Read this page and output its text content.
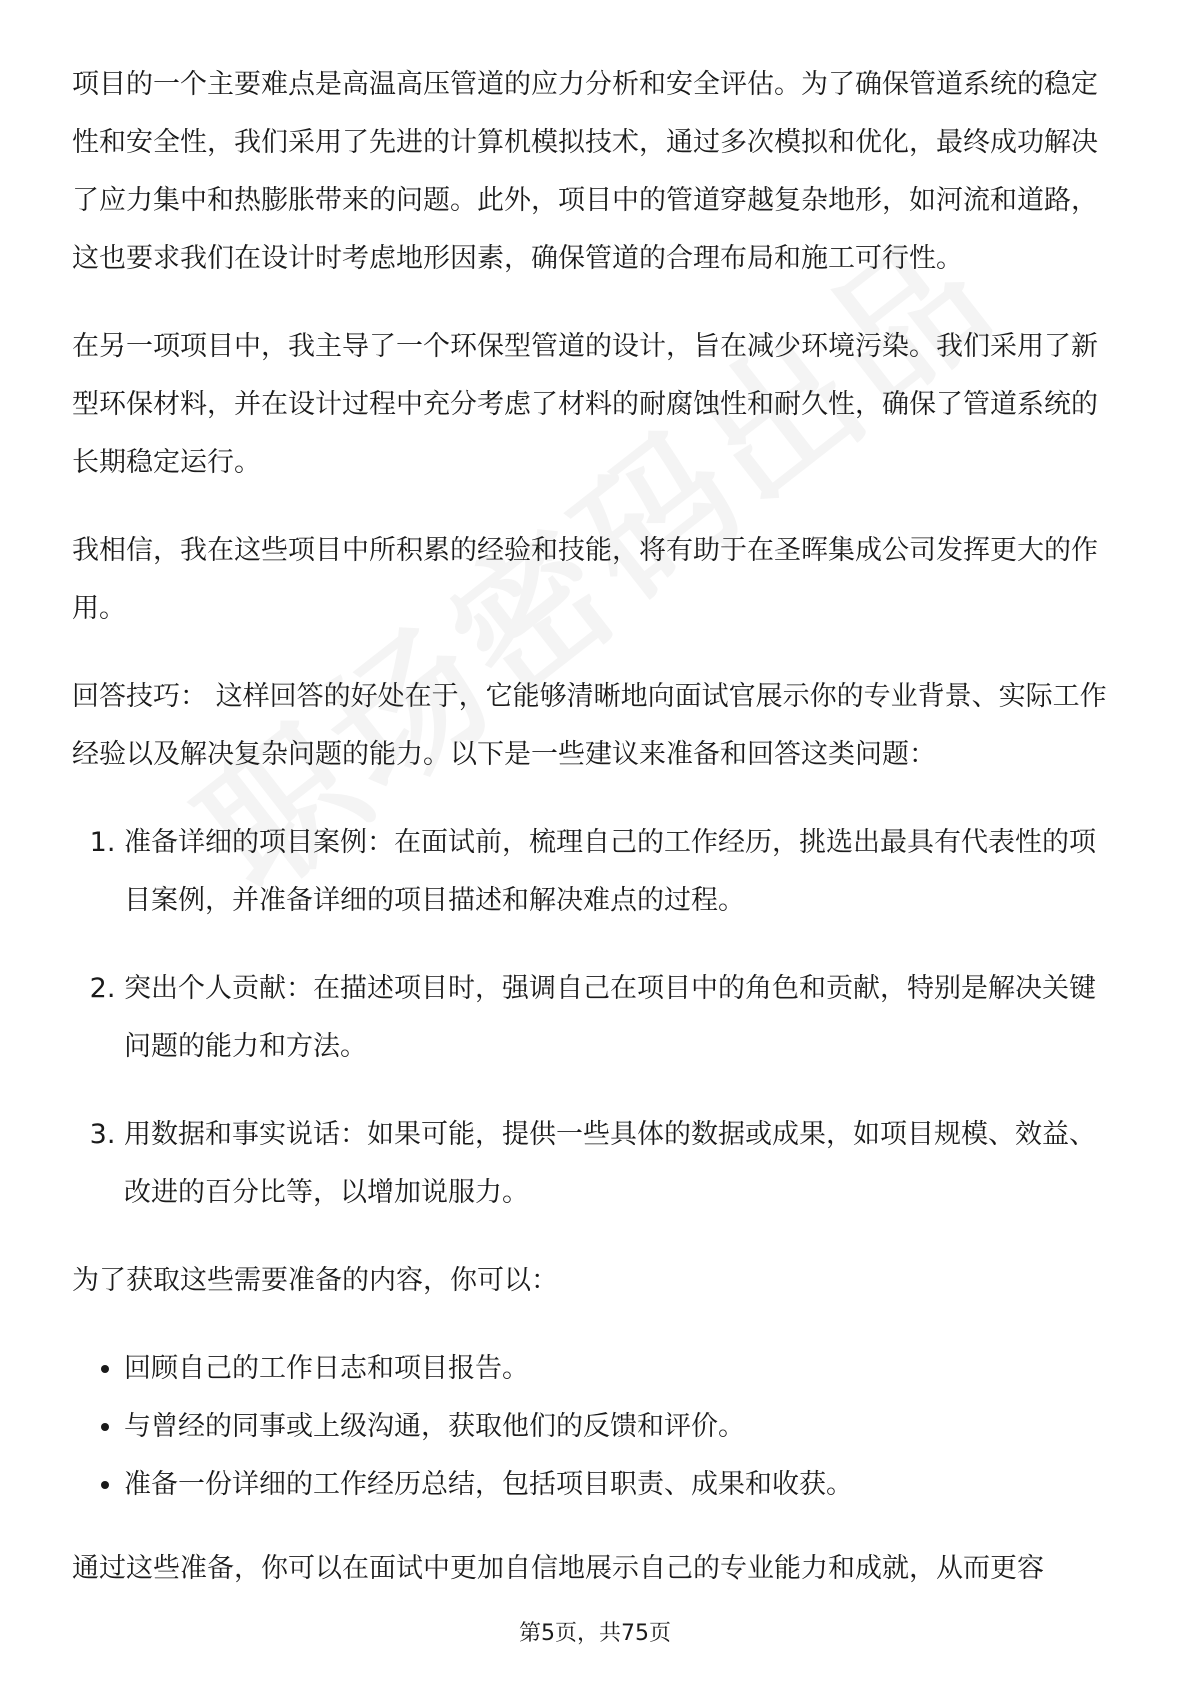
项目的一个主要难点是高温高压管道的应力分析和安全评估。为了确保管道系统的稳定性和安全性，我们采用了先进的计算机模拟技术，通过多次模拟和优化，最终成功解决了应力集中和热膨胀带来的问题。此外，项目中的管道穿越复杂地形，如河流和道路，这也要求我们在设计时考虑地形因素，确保管道的合理布局和施工可行性。

在另一项项目中，我主导了一个环保型管道的设计，旨在减少环境污染。我们采用了新型环保材料，并在设计过程中充分考虑了材料的耐腐蚀性和耐久性，确保了管道系统的长期稳定运行。

我相信，我在这些项目中所积累的经验和技能，将有助于在圣晖集成公司发挥更大的作用。

回答技巧： 这样回答的好处在于，它能够清晰地向面试官展示你的专业背景、实际工作经验以及解决复杂问题的能力。以下是一些建议来准备和回答这类问题：

1. 准备详细的项目案例：在面试前，梳理自己的工作经历，挑选出最具有代表性的项目案例，并准备详细的项目描述和解决难点的过程。
2. 突出个人贡献：在描述项目时，强调自己在项目中的角色和贡献，特别是解决关键问题的能力和方法。
3. 用数据和事实说话：如果可能，提供一些具体的数据或成果，如项目规模、效益、改进的百分比等，以增加说服力。

为了获取这些需要准备的内容，你可以：

• 回顾自己的工作日志和项目报告。
• 与曾经的同事或上级沟通，获取他们的反馈和评价。
• 准备一份详细的工作经历总结，包括项目职责、成果和收获。

通过这些准备，你可以在面试中更加自信地展示自己的专业能力和成就，从而更容

第5页，共75页
